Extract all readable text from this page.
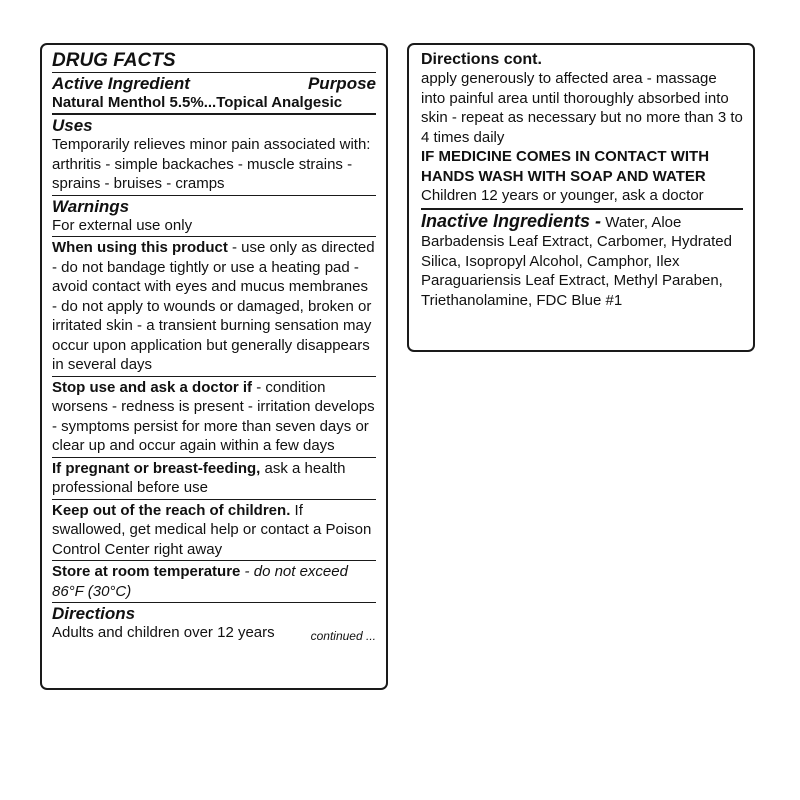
DRUG FACTS
Active Ingredient	Purpose
Natural Menthol 5.5%...Topical Analgesic
Uses
Temporarily relieves minor pain associated with: arthritis - simple backaches - muscle strains - sprains - bruises - cramps
Warnings
For external use only
When using this product - use only as directed - do not bandage tightly or use a heating pad - avoid contact with eyes and mucus membranes - do not apply to wounds or damaged, broken or irritated skin - a transient burning sensation may occur upon application but generally disappears in several days
Stop use and ask a doctor if - condition worsens - redness is present - irritation develops - symptoms persist for more than seven days or clear up and occur again within a few days
If pregnant or breast-feeding, ask a health professional before use
Keep out of the reach of children. If swallowed, get medical help or contact a Poison Control Center right away
Store at room temperature - do not exceed 86°F (30°C)
Directions
Adults and children over 12 years	continued ...
Directions cont.
apply generously to affected area - massage into painful area until thoroughly absorbed into skin - repeat as necessary but no more than 3 to 4 times daily
IF MEDICINE COMES IN CONTACT WITH HANDS WASH WITH SOAP AND WATER
Children 12 years or younger, ask a doctor
Inactive Ingredients - Water, Aloe Barbadensis Leaf Extract, Carbomer, Hydrated Silica, Isopropyl Alcohol, Camphor, Ilex Paraguariensis Leaf Extract, Methyl Paraben, Triethanolamine, FDC Blue #1
